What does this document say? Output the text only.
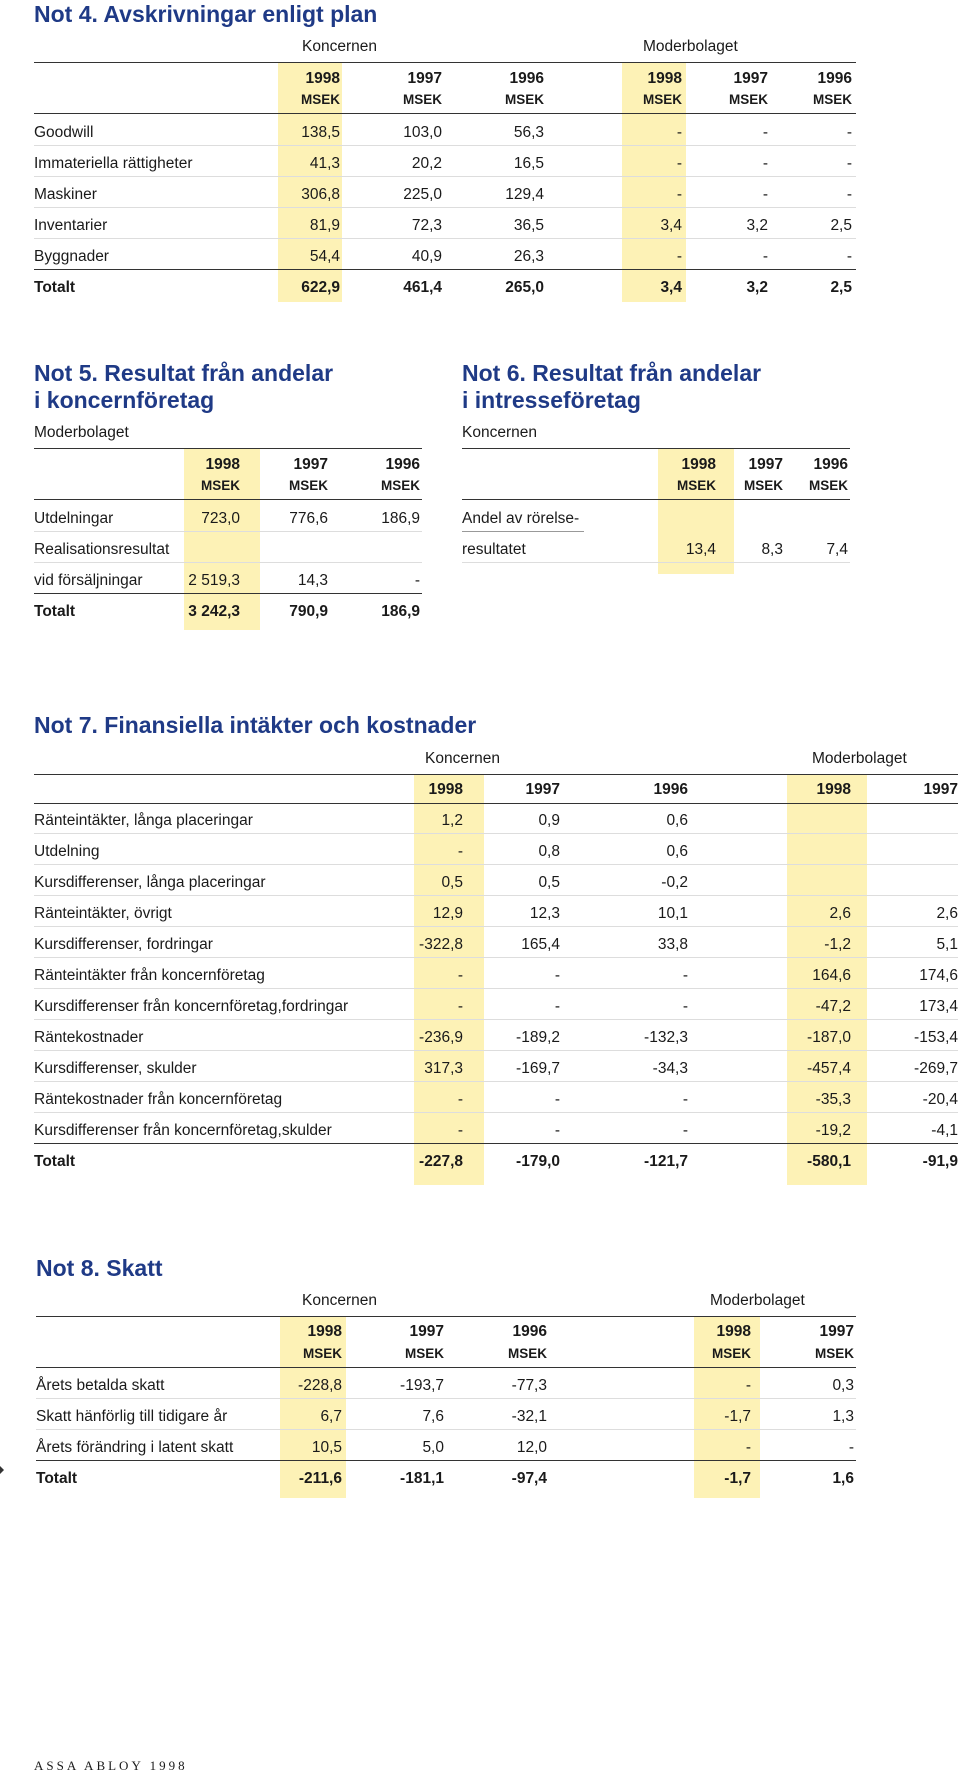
Not 4. Avskrivningar enligt plan
Koncernen	Moderbolaget
1998	1997	1996	1998	1997	1996
MSEK	MSEK	MSEK	MSEK	MSEK	MSEK
Goodwill	138,5	103,0	56,3	-	-	-
Immateriella rättigheter	41,3	20,2	16,5	-	-	-
Maskiner	306,8	225,0	129,4	-	-	-
Inventarier	81,9	72,3	36,5	3,4	3,2	2,5
Byggnader	54,4	40,9	26,3	-	-	-
Totalt	622,9	461,4	265,0	3,4	3,2	2,5
Not 5. Resultat från andelar
i koncernföretag
Moderbolaget
1998	1997	1996
MSEK	MSEK	MSEK
Utdelningar	723,0	776,6	186,9
Realisationsresultat
vid försäljningar	2 519,3	14,3	-
Totalt	3 242,3	790,9	186,9
Not 6. Resultat från andelar
i intresseföretag
Koncernen
1998	1997	1996
MSEK	MSEK	MSEK
Andel av rörelse-
resultatet	13,4	8,3	7,4
Not 7. Finansiella intäkter och kostnader
Koncernen	Moderbolaget
1998	1997	1996	1998	1997
Ränteintäkter, långa placeringar	1,2	0,9	0,6
Utdelning	-	0,8	0,6
Kursdifferenser, långa placeringar	0,5	0,5	-0,2
Ränteintäkter, övrigt	12,9	12,3	10,1	2,6	2,6
Kursdifferenser, fordringar	-322,8	165,4	33,8	-1,2	5,1
Ränteintäkter från koncernföretag	-	-	-	164,6	174,6
Kursdifferenser från koncernföretag,fordringar	-	-	-	-47,2	173,4
Räntekostnader	-236,9	-189,2	-132,3	-187,0	-153,4
Kursdifferenser, skulder	317,3	-169,7	-34,3	-457,4	-269,7
Räntekostnader från koncernföretag	-	-	-	-35,3	-20,4
Kursdifferenser från koncernföretag,skulder	-	-	-	-19,2	-4,1
Totalt	-227,8	-179,0	-121,7	-580,1	-91,9
Not 8. Skatt
Koncernen	Moderbolaget
1998	1997	1996	1998	1997
MSEK	MSEK	MSEK	MSEK	MSEK
Årets betalda skatt	-228,8	-193,7	-77,3	-	0,3
Skatt hänförlig till tidigare år	6,7	7,6	-32,1	-1,7	1,3
Årets förändring i latent skatt	10,5	5,0	12,0	-	-
Totalt	-211,6	-181,1	-97,4	-1,7	1,6
ASSA ABLOY 1998
